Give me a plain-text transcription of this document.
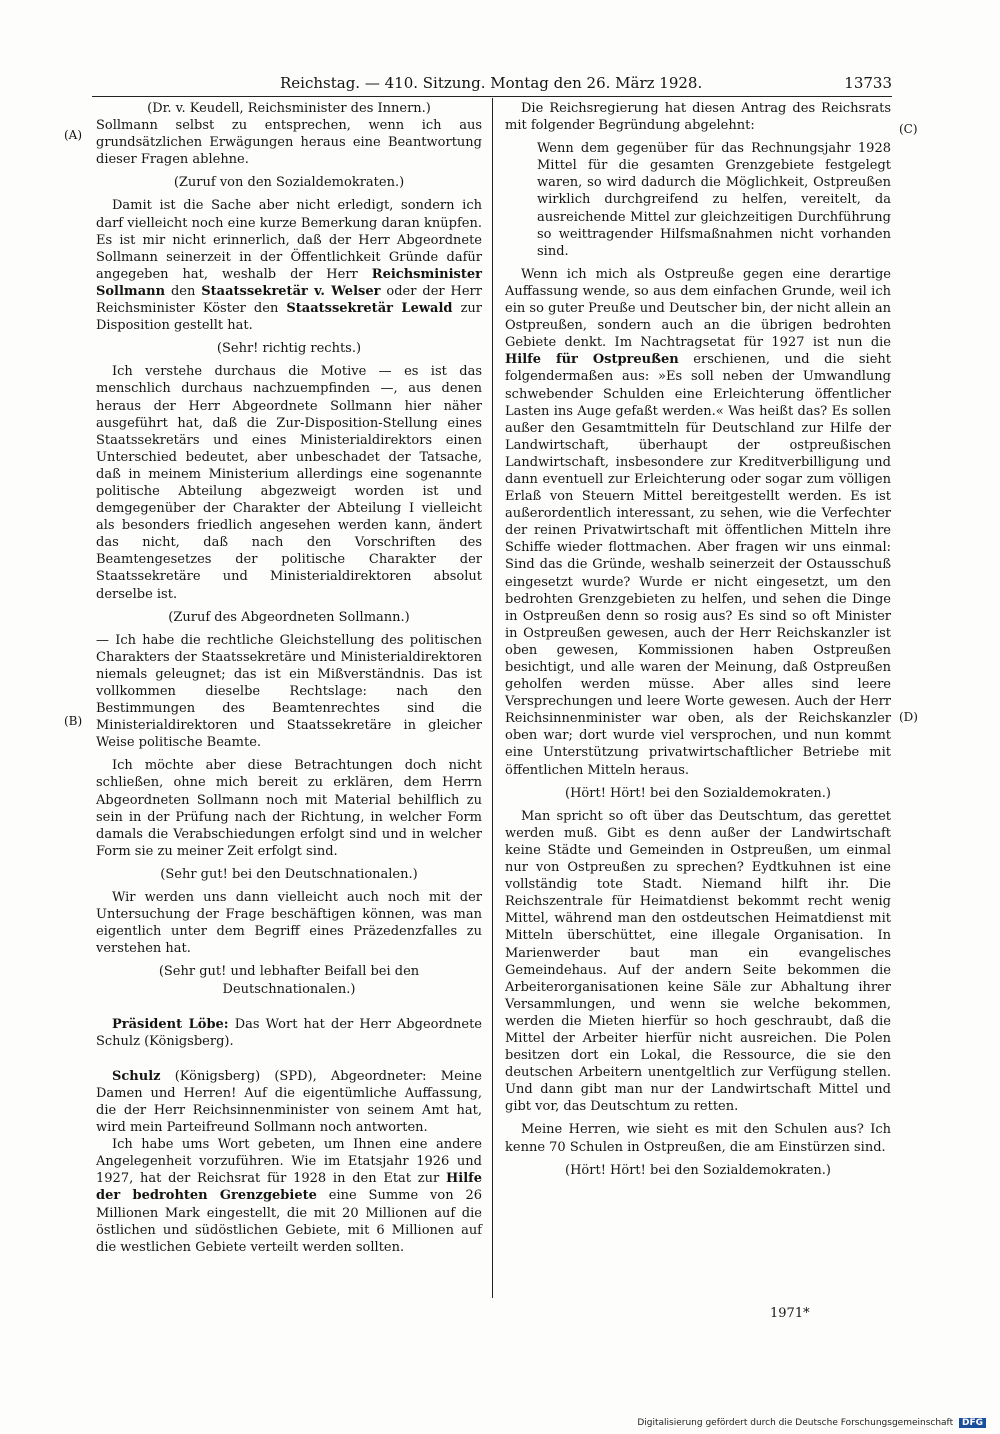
Reichstag. — 410. Sitzung. Montag den 26. März 1928.	13733
(A)
(B)
(C)
(D)

(Dr. v. Keudell, Reichsminister des Innern.)

Sollmann selbst zu entsprechen, wenn ich aus grundsätzlichen Erwägungen heraus eine Beantwortung dieser Fragen ablehne.

(Zuruf von den Sozialdemokraten.)

Damit ist die Sache aber nicht erledigt, sondern ich darf vielleicht noch eine kurze Bemerkung daran knüpfen. Es ist mir nicht erinnerlich, daß der Herr Abgeordnete Sollmann seinerzeit in der Öffentlichkeit Gründe dafür angegeben hat, weshalb der Herr Reichsminister Sollmann den Staatssekretär v. Welser oder der Herr Reichsminister Köster den Staatssekretär Lewald zur Disposition gestellt hat.

(Sehr! richtig rechts.)

Ich verstehe durchaus die Motive — es ist das menschlich durchaus nachzuempfinden —, aus denen heraus der Herr Abgeordnete Sollmann hier näher ausgeführt hat, daß die Zur-Disposition-Stellung eines Staatssekretärs und eines Ministerialdirektors einen Unterschied bedeutet, aber unbeschadet der Tatsache, daß in meinem Ministerium allerdings eine sogenannte politische Abteilung abgezweigt worden ist und demgegenüber der Charakter der Abteilung I vielleicht als besonders friedlich angesehen werden kann, ändert das nicht, daß nach den Vorschriften des Beamtengesetzes der politische Charakter der Staatssekretäre und Ministerialdirektoren absolut derselbe ist.

(Zuruf des Abgeordneten Sollmann.)

— Ich habe die rechtliche Gleichstellung des politischen Charakters der Staatssekretäre und Ministerialdirektoren niemals geleugnet; das ist ein Mißverständnis. Das ist vollkommen dieselbe Rechtslage: nach den Bestimmungen des Beamtenrechtes sind die Ministerialdirektoren und Staatssekretäre in gleicher Weise politische Beamte.

Ich möchte aber diese Betrachtungen doch nicht schließen, ohne mich bereit zu erklären, dem Herrn Abgeordneten Sollmann noch mit Material behilflich zu sein in der Prüfung nach der Richtung, in welcher Form damals die Verabschiedungen erfolgt sind und in welcher Form sie zu meiner Zeit erfolgt sind.

(Sehr gut! bei den Deutschnationalen.)

Wir werden uns dann vielleicht auch noch mit der Untersuchung der Frage beschäftigen können, was man eigentlich unter dem Begriff eines Präzedenzfalles zu verstehen hat.

(Sehr gut! und lebhafter Beifall bei den Deutschnationalen.)

Präsident Löbe: Das Wort hat der Herr Abgeordnete Schulz (Königsberg).

Schulz (Königsberg) (SPD), Abgeordneter: Meine Damen und Herren! Auf die eigentümliche Auffassung, die der Herr Reichsinnenminister von seinem Amt hat, wird mein Parteifreund Sollmann noch antworten.

Ich habe ums Wort gebeten, um Ihnen eine andere Angelegenheit vorzuführen. Wie im Etatsjahr 1926 und 1927, hat der Reichsrat für 1928 in den Etat zur Hilfe der bedrohten Grenzgebiete eine Summe von 26 Millionen Mark eingestellt, die mit 20 Millionen auf die östlichen und südöstlichen Gebiete, mit 6 Millionen auf die westlichen Gebiete verteilt werden sollten.

Die Reichsregierung hat diesen Antrag des Reichsrats mit folgender Begründung abgelehnt:

Wenn dem gegenüber für das Rechnungsjahr 1928 Mittel für die gesamten Grenzgebiete festgelegt waren, so wird dadurch die Möglichkeit, Ostpreußen wirklich durchgreifend zu helfen, vereitelt, da ausreichende Mittel zur gleichzeitigen Durchführung so weittragender Hilfsmaßnahmen nicht vorhanden sind.

Wenn ich mich als Ostpreuße gegen eine derartige Auffassung wende, so aus dem einfachen Grunde, weil ich ein so guter Preuße und Deutscher bin, der nicht allein an Ostpreußen, sondern auch an die übrigen bedrohten Gebiete denkt. Im Nachtragsetat für 1927 ist nun die Hilfe für Ostpreußen erschienen, und die sieht folgendermaßen aus: »Es soll neben der Umwandlung schwebender Schulden eine Erleichterung öffentlicher Lasten ins Auge gefaßt werden.« Was heißt das? Es sollen außer den Gesamtmitteln für Deutschland zur Hilfe der Landwirtschaft, überhaupt der ostpreußischen Landwirtschaft, insbesondere zur Kreditverbilligung und dann eventuell zur Erleichterung oder sogar zum völligen Erlaß von Steuern Mittel bereitgestellt werden. Es ist außerordentlich interessant, zu sehen, wie die Verfechter der reinen Privatwirtschaft mit öffentlichen Mitteln ihre Schiffe wieder flottmachen. Aber fragen wir uns einmal: Sind das die Gründe, weshalb seinerzeit der Ostausschuß eingesetzt wurde? Wurde er nicht eingesetzt, um den bedrohten Grenzgebieten zu helfen, und sehen die Dinge in Ostpreußen denn so rosig aus? Es sind so oft Minister in Ostpreußen gewesen, auch der Herr Reichskanzler ist oben gewesen, Kommissionen haben Ostpreußen besichtigt, und alle waren der Meinung, daß Ostpreußen geholfen werden müsse. Aber alles sind leere Versprechungen und leere Worte gewesen. Auch der Herr Reichsinnenminister war oben, als der Reichskanzler oben war; dort wurde viel versprochen, und nun kommt eine Unterstützung privatwirtschaftlicher Betriebe mit öffentlichen Mitteln heraus.

(Hört! Hört! bei den Sozialdemokraten.)

Man spricht so oft über das Deutschtum, das gerettet werden muß. Gibt es denn außer der Landwirtschaft keine Städte und Gemeinden in Ostpreußen, um einmal nur von Ostpreußen zu sprechen? Eydtkuhnen ist eine vollständig tote Stadt. Niemand hilft ihr. Die Reichszentrale für Heimatdienst bekommt recht wenig Mittel, während man den ostdeutschen Heimatdienst mit Mitteln überschüttet, eine illegale Organisation. In Marienwerder baut man ein evangelisches Gemeindehaus. Auf der andern Seite bekommen die Arbeiterorganisationen keine Säle zur Abhaltung ihrer Versammlungen, und wenn sie welche bekommen, werden die Mieten hierfür so hoch geschraubt, daß die Mittel der Arbeiter hierfür nicht ausreichen. Die Polen besitzen dort ein Lokal, die Ressource, die sie den deutschen Arbeitern unentgeltlich zur Verfügung stellen. Und dann gibt man nur der Landwirtschaft Mittel und gibt vor, das Deutschtum zu retten.

Meine Herren, wie sieht es mit den Schulen aus? Ich kenne 70 Schulen in Ostpreußen, die am Einstürzen sind.

(Hört! Hört! bei den Sozialdemokraten.)

1971*
Digitalisierung gefördert durch die Deutsche Forschungsgemeinschaft DFG
